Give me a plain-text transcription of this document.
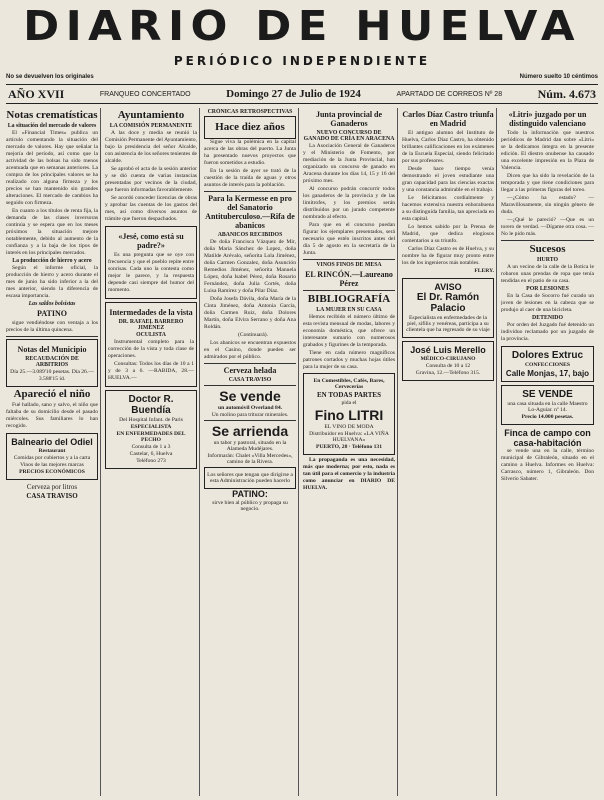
DIARIO DE HUELVA
PERIÓDICO INDEPENDIENTE
No se devuelven los originales	Número suelto 10 céntimos
AÑO XVII	FRANQUEO CONCERTADO	Domingo 27 de Julio de 1924	APARTADO DE CORREOS Nº 28	Núm. 4.673
Notas crematísticas
La situación del mercado de valores

El «Financial Times» publica un artículo comentando la situación del mercado de valores. Hay que señalar la mejoría del período, así como que la actividad de las bolsas ha sido menos acentuada que en semanas anteriores. La compra de los principales valores se ha realizado con alguna firmeza y los precios se han mantenido sin grandes alteraciones. El mercado de cambios ha seguido con firmeza.

En cuanto a los títulos de renta fija, la demanda de las clases inversoras continúa y se espera que en los meses próximos la situación mejore notablemente, debido al aumento de la confianza y a la baja de los tipos de interés en los principales mercados.

La producción de hierro y acero

Según el informe oficial, la producción de hierro y acero durante el mes de junio ha sido inferior a la del mes anterior, siendo la diferencia de escasa importancia.

Las saldos bolsistas
PATINO

sigue vendiéndose con ventaja a los precios de la última quincena.

Notas del Municipio
RECAUDACIÓN DE ARBITRIOS
Día 25.—3.089'10 pesetas. Día 26.—3.588'15 íd.
Apareció el niño

Fué hallado, sano y salvo, el niño que faltaba de su domicilio desde el pasado miércoles. Sus familiares lo han recogido.

Balneario del Odiel
Restaurant
Comidas por cubiertos y a la carta
Vinos de las mejores marcas
PRECIOS ECONÓMICOS
Cerveza por litros
CASA TRAVISO
Ayuntamiento
LA COMISIÓN PERMANENTE

A las doce y media se reunió la Comisión Permanente del Ayuntamiento, bajo la presidencia del señor Alcalde, con asistencia de los señores tenientes de alcalde.

Se aprobó el acta de la sesión anterior y se dió cuenta de varias instancias presentadas por vecinos de la ciudad, que fueron informadas favorablemente.

Se acordó conceder licencias de obras y aprobar las cuentas de los gastos del mes, así como diversos asuntos de trámite que fueron despachados.

«Jesé, como está su padre?»

Es una pregunta que se oye con frecuencia y que el pueblo repite entre sonrisas. Cada uno la contesta como mejor le parece, y la respuesta depende casi siempre del humor del momento.

Intermedades de la vista
DR. RAFAEL BARRERO JIMÉNEZ
OCULISTA

Instrumental completo para la corrección de la vista y toda clase de operaciones.

Consultas: Todos los días de 10 a 1 y de 3 a 6. —RABIDA, 28.—HUELVA.—

Doctor R. Buendía
Del Hospital Infant. de Paris
ESPECIALISTA
EN ENFERMEDADES DEL PECHO
Consulta de 1 a 3
Castelar, 6, Huelva
Teléfono 273
CRÓNICAS RETROSPECTIVAS
Hace diez años

Sigue viva la polémica en la capital acerca de las obras del puerto. La Junta ha presentado nuevos proyectos que fueron sometidos a estudio.

En la sesión de ayer se trató de la cuestión de la traída de aguas y otros asuntos de interés para la población.

Para la Kermesse en pro del Sanatorio Antituberculoso.—Rifa de abanicos
ABANICOS RECIBIDOS

De doña Francisca Vázquez de Mir, doña María Sánchez de Lopez, doña Matilde Arévalo, señorita Lola Jiménez, doña Carmen Gonzalez, doña Asunción Remedios Jiménez, señorita Manuela López, doña Isabel Pérez, doña Rosario Fernández, doña Julia Cortés, doña Luisa Ramírez y doña Pilar Díaz.

Doña Josefa Dávila, doña María de la Cinta Jiménez, doña Antonia García, doña Carmen Ruiz, doña Dolores Martín, doña Elvira Serrano y doña Ana Roldán.

(Continuará).

Los abanicos se encuentran expuestos en el Casino, donde pueden ser admirados por el público.

Cerveza helada
CASA TRAVISO
Se vende
un automóvil Overland 84.
Un molino para triturar minerales.
Se arrienda
un tabor y pastoral, situado en la Alameda Mudéjares.
Informarán: Chalet «Villa Mercedes», camino de la Rivera.
Los señores que tengan que dirigirse a esta Administración pueden hacerlo
PATINO:
sirve bien al público y propaga su negocio.
Junta provincial de Ganaderos
NUEVO CONCURSO DE GANADO DE CRÍA EN ARACENA

La Asociación General de Ganaderos y el Ministerio de Fomento, por mediación de la Junta Provincial, han organizado un concurso de ganado en Aracena durante los días 14, 15 y 16 del próximo mes.

Al concurso podrán concurrir todos los ganaderos de la provincia y de las limítrofes, y los premios serán distribuidos por un jurado competente nombrado al efecto.

Para que en el concurso puedan figurar los ejemplares presentados, será necesario que estén inscritos antes del día 5 de agosto en la secretaría de la Junta.

VINOS FINOS DE MESA
EL RINCÓN.—Laureano Pérez
BIBLIOGRAFÍA
LA MUJER EN SU CASA

Hemos recibido el número último de esta revista mensual de modas, labores y economía doméstica, que ofrece un interesante sumario con numerosos grabados y figurines de la temporada.

Tiene en cada número magníficos patrones cortados y muchas hojas útiles para la mujer de su casa.

En Comestibles, Cafés, Bares, Cervecerías
EN TODAS PARTES
pida el
Fino LITRI
EL VINO DE MODA
Distribuidor en Huelva: «LA VIÑA HUELVANA»
PUERTO, 28 · Teléfono 131

La propaganda es una necesidad, más que moderna; por esto, nada es tan útil para el comercio y la industria como anunciar en DIARIO DE HUELVA.

Carlos Díaz Castro triunfa en Madrid

El antiguo alumno del Instituto de Huelva, Carlos Díaz Castro, ha obtenido brillantes calificaciones en los exámenes de la Escuela Especial, siendo felicitado por sus profesores.

Desde hace tiempo venía demostrando el joven estudiante una gran capacidad para las ciencias exactas y una constancia admirable en el trabajo.

Le felicitamos cordialmente y hacemos extensiva nuestra enhorabuena a su distinguida familia, tan apreciada en esta capital.

Lo hemos sabido por la Prensa de Madrid, que dedica elogiosos comentarios a su triunfo.

Carlos Díaz Castro es de Huelva, y su nombre ha de figurar muy pronto entre los de los ingenieros más notables.

FLERY.

AVISO
El Dr. Ramón Palacio
Especialista en enfermedades de la piel, sífilis y venéreas, participa a su clientela que ha regresado de su viaje
José Luis Merello
MÉDICO-CIRUJANO
Consulta de 10 a 12
Gravina, 12.—Teléfono 315.
«Litri» juzgado por un distinguido valenciano

Todo la información que nuestros periódicos de Madrid dan sobre «Litri» se la dedicamos íntegra en la presente edición. El diestro onubense ha causado una excelente impresión en la Plaza de Valencia.

Dicen que ha sido la revelación de la temporada y que tiene condiciones para llegar a las primeras figuras del toreo.

—¿Cómo ha estado? —Maravillosamente, sin ningún género de duda.

—¿Qué le pareció? —Que es un torero de verdad. —Dígame otra cosa. —No le pido más.

Sucesos
HURTO

A un vecino de la calle de la Botica le robaron unas prendas de ropa que tenía tendidas en el patio de su casa.

POR LESIONES

En la Casa de Socorro fué curado un joven de lesiones en la cabeza que se produjo al caer de una bicicleta.

DETENIDO

Por orden del Juzgado fué detenido un individuo reclamado por un juzgado de la provincia.

Dolores Extruc
CONFECCIONES
Calle Monjas, 17, bajo
SE VENDE
una casa situada en la calle Maestro Lo-Aguiar. nº 14.
Precio 14.000 pesetas.
Finca de campo con casa-habitación

se vende una en la calle, término municipal de Gibraleón, situado en el camino a Huelva. Informes en Huelva: Carrasco, número 1, Gibraleón. Don Silverio Sabater.
